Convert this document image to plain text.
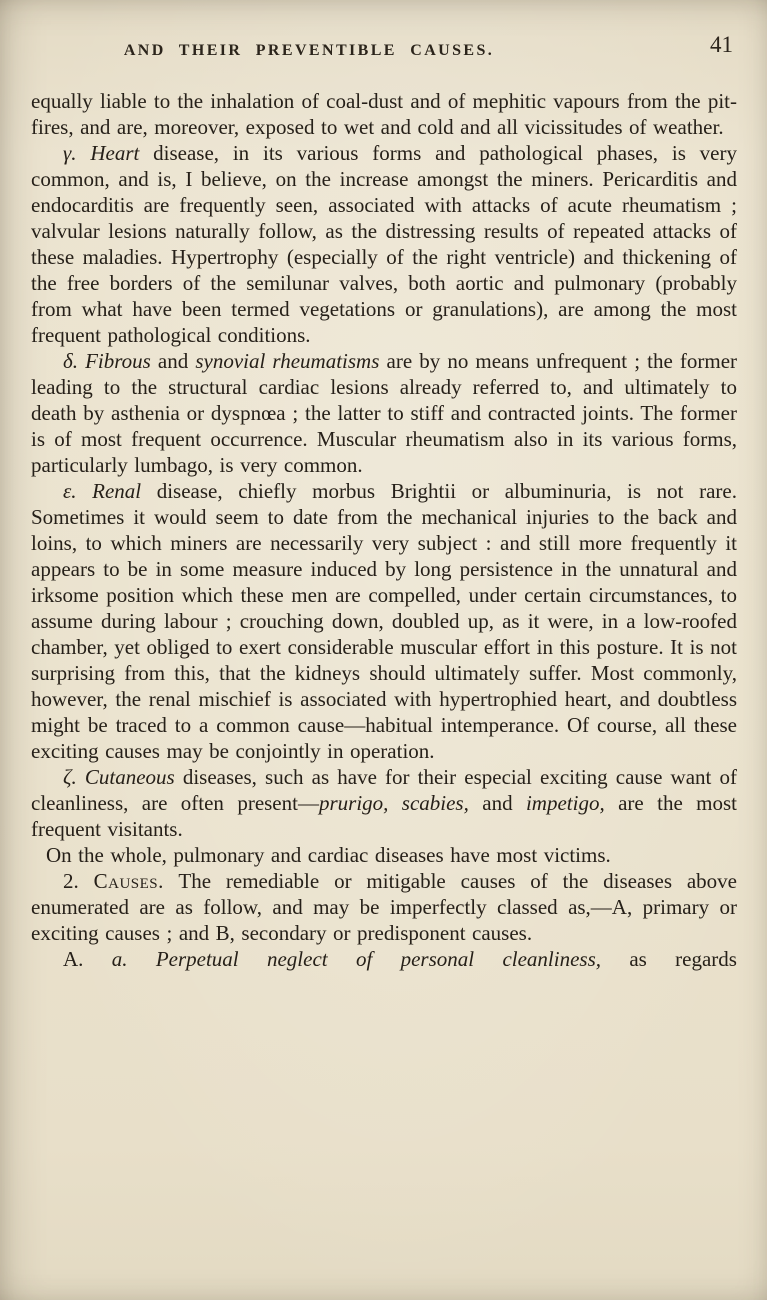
AND THEIR PREVENTIBLE CAUSES.	41

equally liable to the inhalation of coal-dust and of mephitic vapours from the pit-fires, and are, moreover, exposed to wet and cold and all vicissitudes of weather.

γ. Heart disease, in its various forms and pathological phases, is very common, and is, I believe, on the increase amongst the miners. Pericarditis and endocarditis are frequently seen, associated with attacks of acute rheumatism ; valvular lesions naturally follow, as the distressing results of repeated attacks of these maladies. Hypertrophy (especially of the right ventricle) and thickening of the free borders of the semilunar valves, both aortic and pulmonary (probably from what have been termed vegetations or granulations), are among the most frequent pathological conditions.

δ. Fibrous and synovial rheumatisms are by no means unfrequent ; the former leading to the structural cardiac lesions already referred to, and ultimately to death by asthenia or dyspnœa ; the latter to stiff and contracted joints. The former is of most frequent occurrence. Muscular rheumatism also in its various forms, particularly lumbago, is very common.

ε. Renal disease, chiefly morbus Brightii or albuminuria, is not rare. Sometimes it would seem to date from the mechanical injuries to the back and loins, to which miners are necessarily very subject : and still more frequently it appears to be in some measure induced by long persistence in the unnatural and irksome position which these men are compelled, under certain circumstances, to assume during labour ; crouching down, doubled up, as it were, in a low-roofed chamber, yet obliged to exert considerable muscular effort in this posture. It is not surprising from this, that the kidneys should ultimately suffer. Most commonly, however, the renal mischief is associated with hypertrophied heart, and doubtless might be traced to a common cause—habitual intemperance. Of course, all these exciting causes may be conjointly in operation.

ζ. Cutaneous diseases, such as have for their especial exciting cause want of cleanliness, are often present—prurigo, scabies, and impetigo, are the most frequent visitants.

On the whole, pulmonary and cardiac diseases have most victims.

2. Causes. The remediable or mitigable causes of the diseases above enumerated are as follow, and may be imperfectly classed as,—A, primary or exciting causes ; and B, secondary or predisponent causes.

A. a. Perpetual neglect of personal cleanliness, as regards
